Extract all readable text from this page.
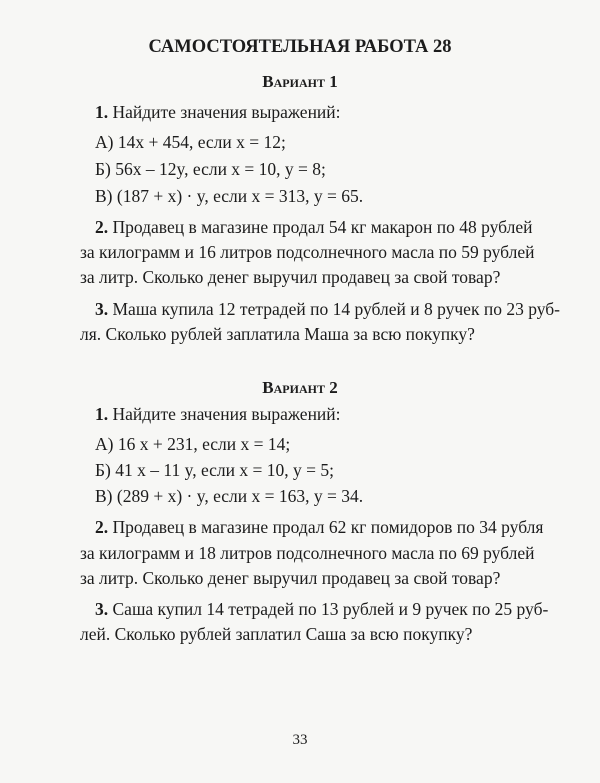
САМОСТОЯТЕЛЬНАЯ РАБОТА 28
Вариант 1
1. Найдите значения выражений:
А) 14x + 454, если x = 12;
Б) 56x – 12y, если x = 10, y = 8;
В) (187 + x) · y, если x = 313, y = 65.
2. Продавец в магазине продал 54 кг макарон по 48 рублей
за килограмм и 16 литров подсолнечного масла по 59 рублей
за литр. Сколько денег выручил продавец за свой товар?
3. Маша купила 12 тетрадей по 14 рублей и 8 ручек по 23 руб-
ля. Сколько рублей заплатила Маша за всю покупку?
Вариант 2
1. Найдите значения выражений:
А) 16 x + 231, если x = 14;
Б) 41 x – 11 y, если x = 10, y = 5;
В) (289 + x) · y, если x = 163, y = 34.
2. Продавец в магазине продал 62 кг помидоров по 34 рубля
за килограмм и 18 литров подсолнечного масла по 69 рублей
за литр. Сколько денег выручил продавец за свой товар?
3. Саша купил 14 тетрадей по 13 рублей и 9 ручек по 25 руб-
лей. Сколько рублей заплатил Саша за всю покупку?
33
